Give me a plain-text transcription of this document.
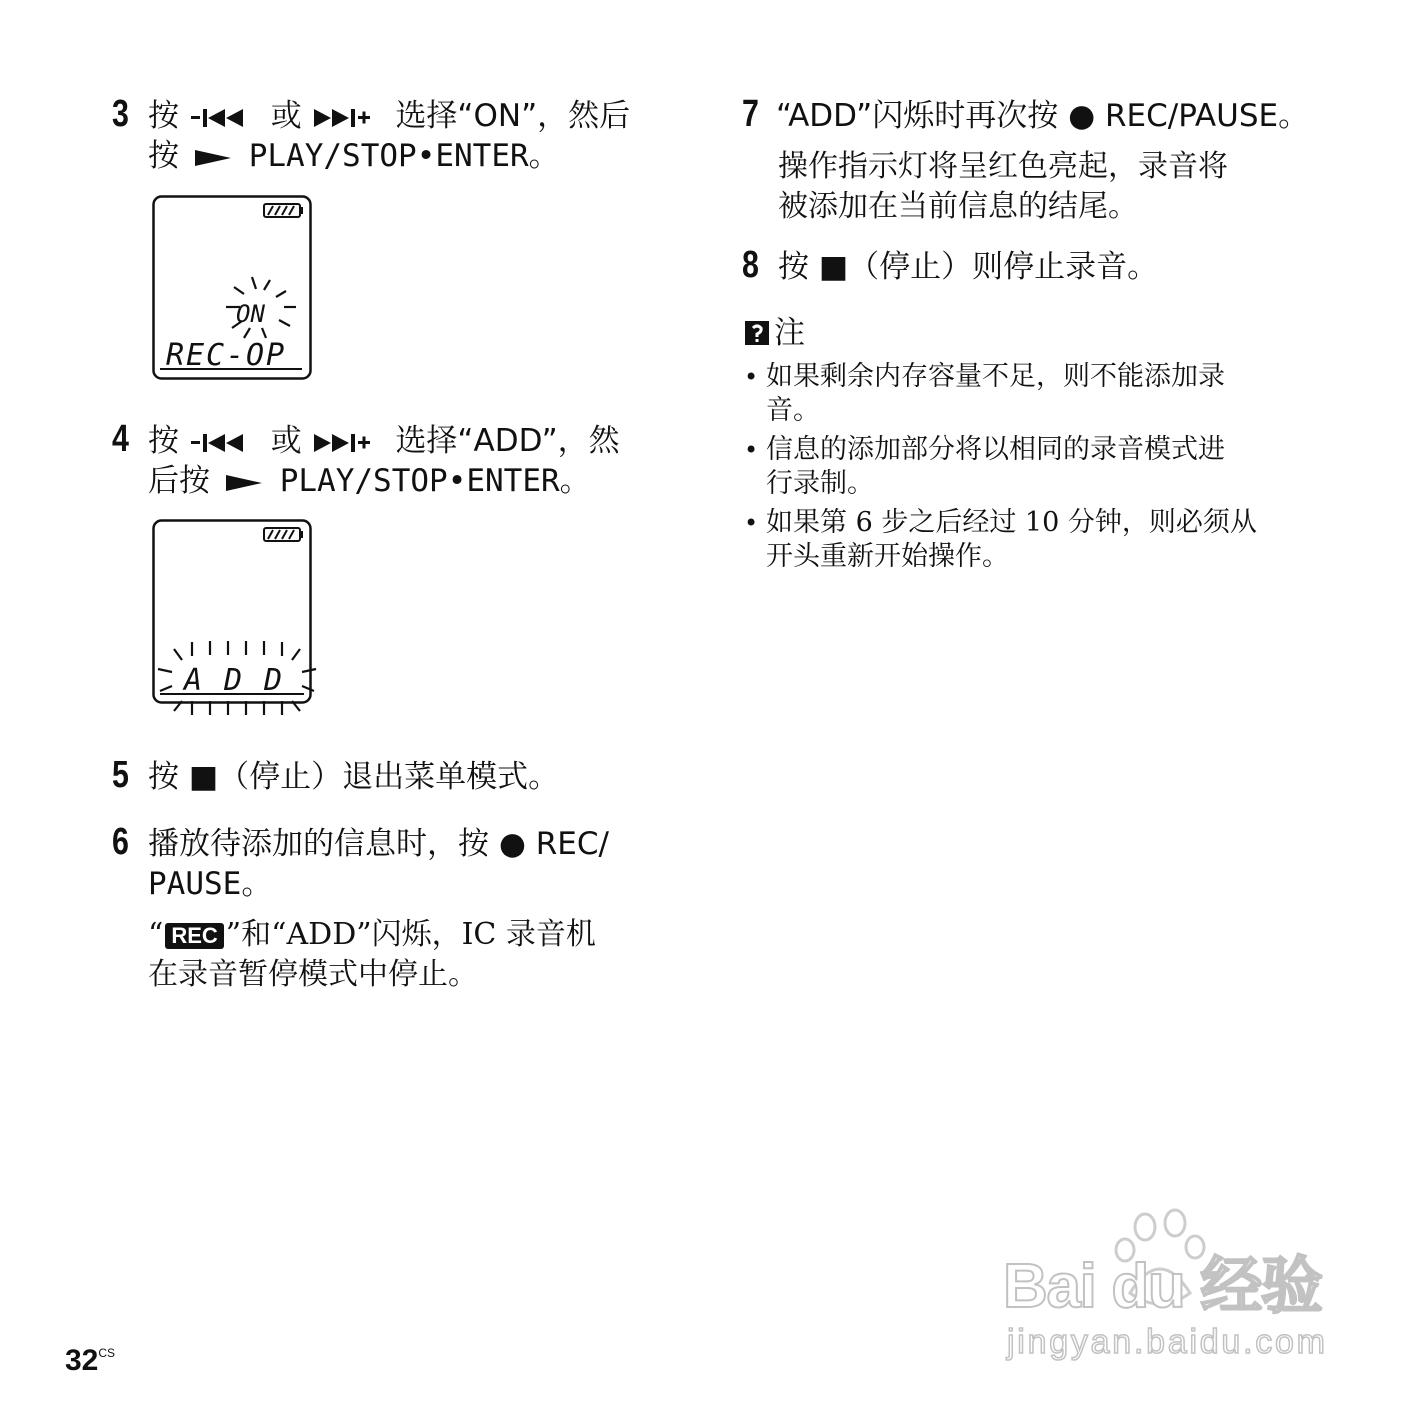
3 按	或	选择“ON”，然后
按 PLAY/STOP•ENTER。
ON
REC-OP
4 按	或	选择“ADD”，然
后按 PLAY/STOP•ENTER。
A D D
5 按 ■（停止）退出菜单模式。
6 播放待添加的信息时，按 ● REC/
PAUSE。
“ REC ”和“ADD”闪烁，IC 录音机
在录音暂停模式中停止。
7 “ADD”闪烁时再次按 ● REC/PAUSE。
操作指示灯将呈红色亮起，录音将
被添加在当前信息的结尾。
8 按 ■（停止）则停止录音。
注
• 如果剩余内存容量不足，则不能添加录
音。
• 信息的添加部分将以相同的录音模式进
行录制。
• 如果第 6 步之后经过 10 分钟，则必须从
开头重新开始操作。
$32^{CS}$
Bai du 经验
jingyan.baidu.com
